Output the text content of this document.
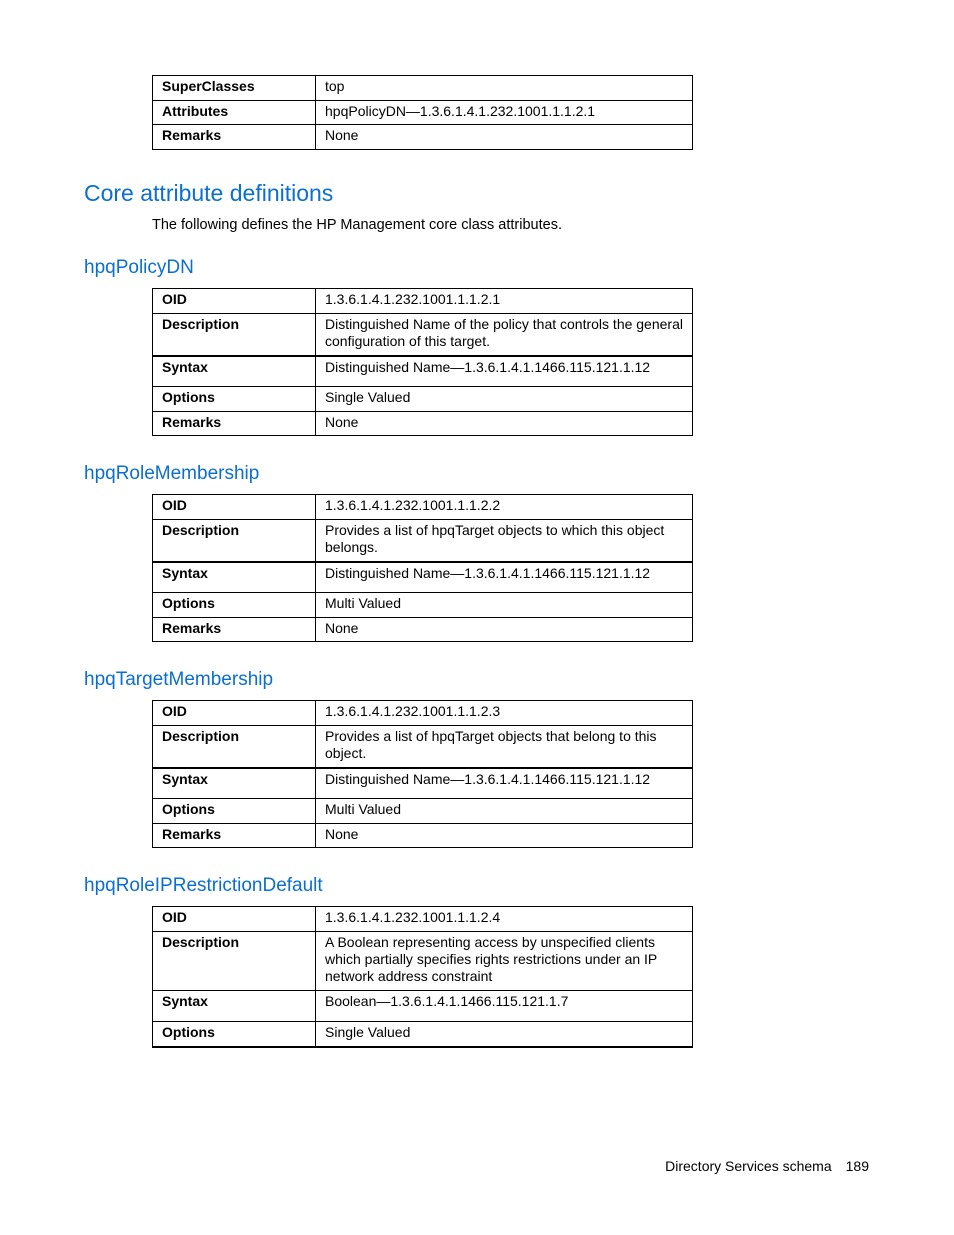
SuperClasses	top
Attributes	hpqPolicyDN—1.3.6.1.4.1.232.1001.1.1.2.1
Remarks	None
Core attribute definitions

The following defines the HP Management core class attributes.

hpqPolicyDN
OID	1.3.6.1.4.1.232.1001.1.1.2.1
Description	Distinguished Name of the policy that controls the general configuration of this target.
Syntax	Distinguished Name—1.3.6.1.4.1.1466.115.121.1.12
Options	Single Valued
Remarks	None
hpqRoleMembership
OID	1.3.6.1.4.1.232.1001.1.1.2.2
Description	Provides a list of hpqTarget objects to which this object belongs.
Syntax	Distinguished Name—1.3.6.1.4.1.1466.115.121.1.12
Options	Multi Valued
Remarks	None
hpqTargetMembership
OID	1.3.6.1.4.1.232.1001.1.1.2.3
Description	Provides a list of hpqTarget objects that belong to this object.
Syntax	Distinguished Name—1.3.6.1.4.1.1466.115.121.1.12
Options	Multi Valued
Remarks	None
hpqRoleIPRestrictionDefault
OID	1.3.6.1.4.1.232.1001.1.1.2.4
Description	A Boolean representing access by unspecified clients which partially specifies rights restrictions under an IP network address constraint
Syntax	Boolean—1.3.6.1.4.1.1466.115.121.1.7
Options	Single Valued
Directory Services schema 189
